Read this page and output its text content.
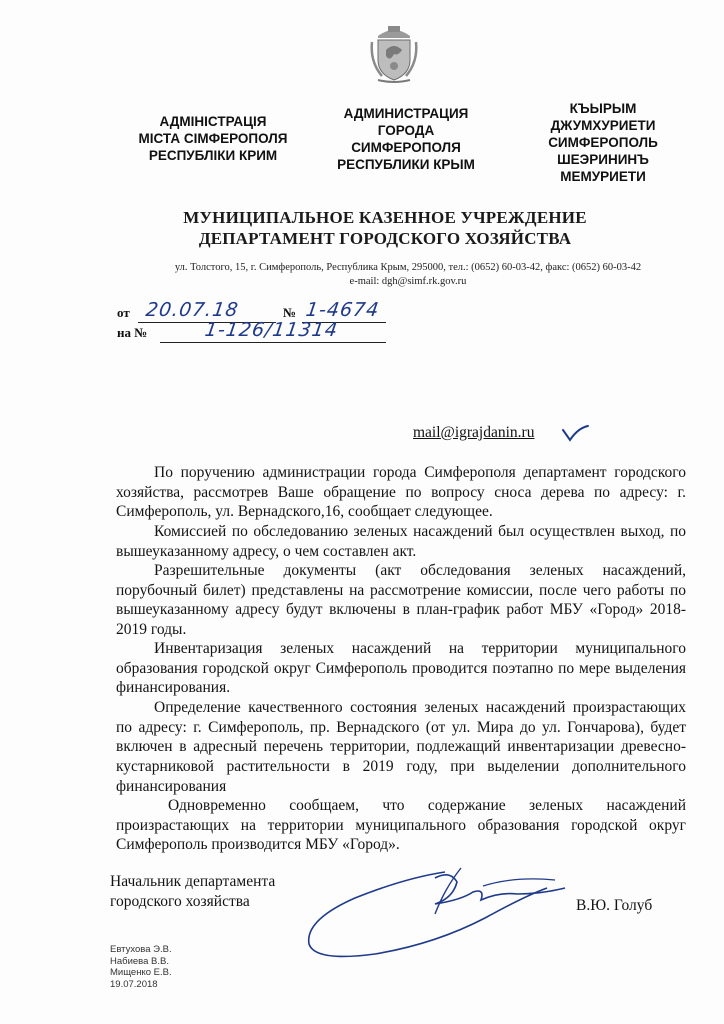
АДМІНІСТРАЦІЯ
МІСТА СІМФЕРОПОЛЯ
РЕСПУБЛІКИ КРИМ
АДМИНИСТРАЦИЯ
ГОРОДА
СИМФЕРОПОЛЯ
РЕСПУБЛИКИ КРЫМ
КЪЫРЫМ
ДЖУМХУРИЕТИ
СИМФЕРОПОЛЬ
ШЕЭРИНИНЪ
МЕМУРИЕТИ
МУНИЦИПАЛЬНОЕ КАЗЕННОЕ УЧРЕЖДЕНИЕ
ДЕПАРТАМЕНТ ГОРОДСКОГО ХОЗЯЙСТВА
ул. Толстого, 15, г. Симферополь, Республика Крым, 295000, тел.: (0652) 60-03-42, факс: (0652) 60-03-42
e-mail: dgh@simf.rk.gov.ru
от 20.07.18	№ 1-4674
на №	1-126/11314
mail@igrajdanin.ru
По поручению администрации города Симферополя департамент городского хозяйства, рассмотрев Ваше обращение по вопросу сноса дерева по адресу: г. Симферополь, ул. Вернадского,16, сообщает следующее.
Комиссией по обследованию зеленых насаждений был осуществлен выход, по вышеуказанному адресу, о чем составлен акт.
Разрешительные документы (акт обследования зеленых насаждений, порубочный билет) представлены на рассмотрение комиссии, после чего работы по вышеуказанному адресу будут включены в план-график работ МБУ «Город» 2018-2019 годы.
Инвентаризация зеленых насаждений на территории муниципального образования городской округ Симферополь проводится поэтапно по мере выделения финансирования.
Определение качественного состояния зеленых насаждений произрастающих по адресу: г. Симферополь, пр. Вернадского (от ул. Мира до ул. Гончарова), будет включен в адресный перечень территории, подлежащий инвентаризации древесно-кустарниковой растительности в 2019 году, при выделении дополнительного финансирования
Одновременно сообщаем, что содержание зеленых насаждений произрастающих на территории муниципального образования городской округ Симферополь производится МБУ «Город».
Начальник департамента
городского хозяйства	В.Ю. Голуб
Евтухова Э.В.
Набиева В.В.
Мищенко Е.В.
19.07.2018
